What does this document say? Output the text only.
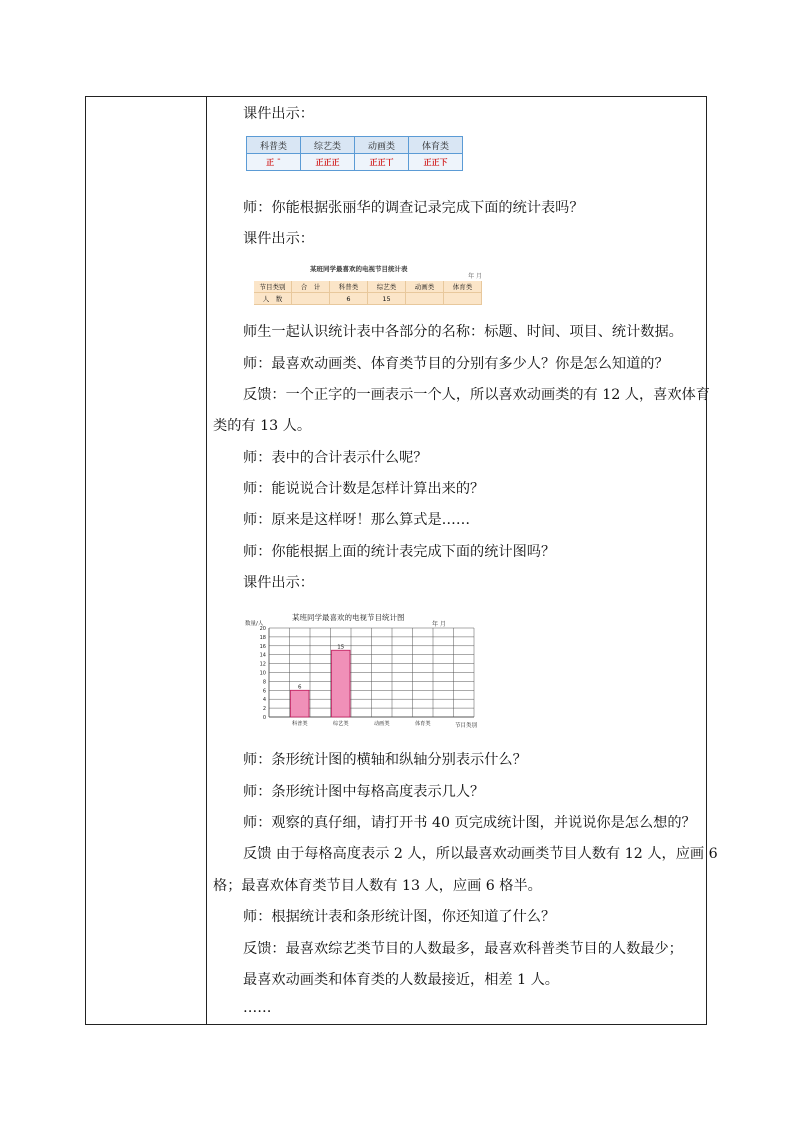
课件出示：
科普类	综艺类	动画类	体育类
正 ˉ	正正正	正正丅	正正下
师：你能根据张丽华的调查记录完成下面的统计表吗？
课件出示：
某班同学最喜欢的电视节目统计表
年 月
节目类别	合　计	科普类	综艺类	动画类	体育类
人　数		6	15		
师生一起认识统计表中各部分的名称：标题、时间、项目、统计数据。
师：最喜欢动画类、体育类节目的分别有多少人？你是怎么知道的？
反馈：一个正字的一画表示一个人，所以喜欢动画类的有 12 人，喜欢体育
类的有 13 人。
师：表中的合计表示什么呢？
师：能说说合计数是怎样计算出来的？
师：原来是这样呀！那么算式是……
师：你能根据上面的统计表完成下面的统计图吗？
课件出示：
0
2
4
6
8
10
12
14
16
18
20
6
科普类
15
综艺类	动画类	体育类
某班同学最喜欢的电视节目统计图
年 月
数量/人
节目类别
师：条形统计图的横轴和纵轴分别表示什么？
师：条形统计图中每格高度表示几人？
师：观察的真仔细，请打开书 40 页完成统计图，并说说你是怎么想的？
反馈 由于每格高度表示 2 人，所以最喜欢动画类节目人数有 12 人，应画 6
格；最喜欢体育类节目人数有 13 人，应画 6 格半。
师：根据统计表和条形统计图，你还知道了什么？
反馈：最喜欢综艺类节目的人数最多，最喜欢科普类节目的人数最少；
最喜欢动画类和体育类的人数最接近，相差 1 人。
……
